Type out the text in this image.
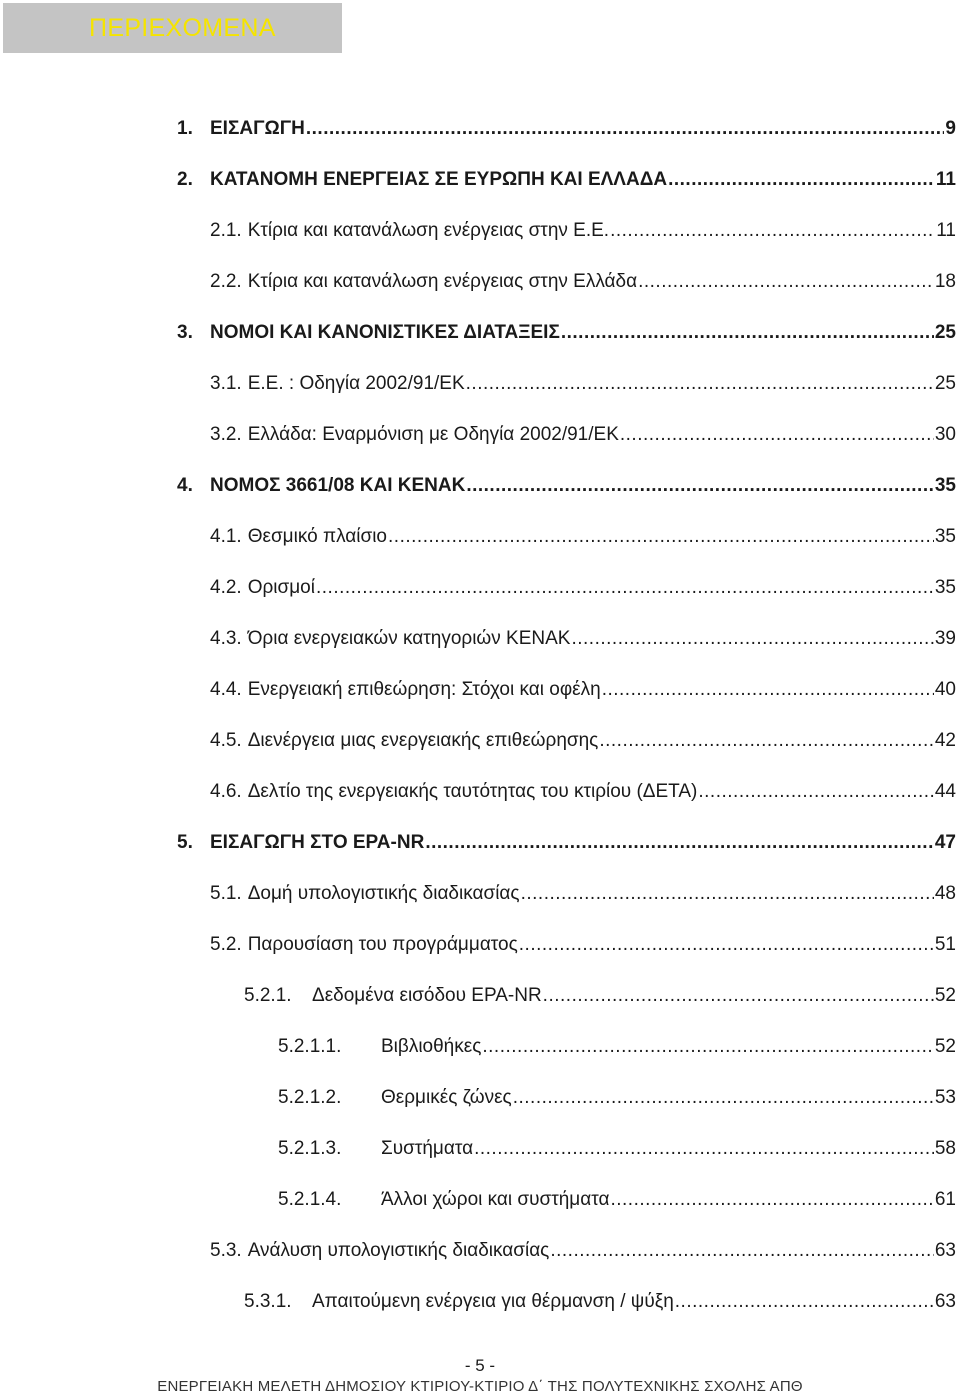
ΠΕΡΙΕΧΟΜΕΝΑ
1. ΕΙΣΑΓΩΓΗ .....	9
2. ΚΑΤΑΝΟΜΗ ΕΝΕΡΓΕΙΑΣ ΣΕ ΕΥΡΩΠΗ ΚΑΙ ΕΛΛΑΔΑ .....	11
2.1. Κτίρια και κατανάλωση ενέργειας στην Ε.Ε. .....	11
2.2. Κτίρια και κατανάλωση ενέργειας στην Ελλάδα .....	18
3. ΝΟΜΟΙ ΚΑΙ ΚΑΝΟΝΙΣΤΙΚΕΣ ΔΙΑΤΑΞΕΙΣ .....	25
3.1. Ε.Ε. : Οδηγία 2002/91/ΕΚ .....	25
3.2. Ελλάδα: Εναρμόνιση με Οδηγία 2002/91/ΕΚ .....	30
4. ΝΟΜΟΣ 3661/08 ΚΑΙ ΚΕΝΑΚ .....	35
4.1. Θεσμικό πλαίσιο .....	35
4.2. Ορισμοί .....	35
4.3. Όρια ενεργειακών κατηγοριών ΚΕΝΑΚ .....	39
4.4. Ενεργειακή επιθεώρηση: Στόχοι και οφέλη .....	40
4.5. Διενέργεια μιας ενεργειακής επιθεώρησης .....	42
4.6. Δελτίο της ενεργειακής ταυτότητας του κτιρίου (ΔΕΤΑ) .....	44
5. ΕΙΣΑΓΩΓΗ ΣΤΟ EPA-NR .....	47
5.1. Δομή υπολογιστικής διαδικασίας .....	48
5.2. Παρουσίαση του προγράμματος .....	51
5.2.1.	Δεδομένα εισόδου EPA-NR .....	52
5.2.1.1.	Βιβλιοθήκες .....	52
5.2.1.2.	Θερμικές ζώνες .....	53
5.2.1.3.	Συστήματα .....	58
5.2.1.4.	Άλλοι χώροι και συστήματα .....	61
5.3. Ανάλυση υπολογιστικής διαδικασίας .....	63
5.3.1.	Απαιτούμενη ενέργεια για θέρμανση / ψύξη .....	63
- 5 -
ΕΝΕΡΓΕΙΑΚΗ ΜΕΛΕΤΗ ΔΗΜΟΣΙΟΥ ΚΤΙΡΙΟΥ-ΚΤΙΡΙΟ Δ΄ ΤΗΣ ΠΟΛΥΤΕΧΝΙΚΗΣ ΣΧΟΛΗΣ ΑΠΘ
